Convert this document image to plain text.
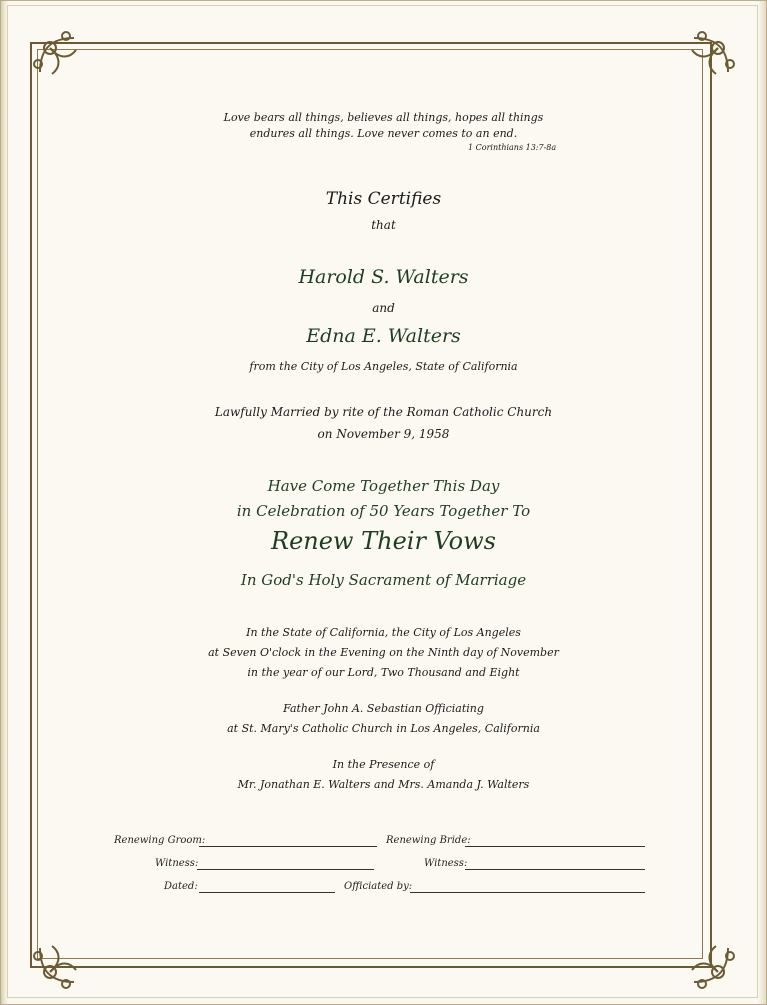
Love bears all things, believes all things, hopes all things
endures all things. Love never comes to an end.
1 Corinthians 13:7-8a
This Certifies
that
Harold S. Walters
and
Edna E. Walters
from the City of Los Angeles, State of California
Lawfully Married by rite of the Roman Catholic Church
on November 9, 1958
Have Come Together This Day
in Celebration of 50 Years Together To
Renew Their Vows
In God's Holy Sacrament of Marriage
In the State of California, the City of Los Angeles
at Seven O'clock in the Evening on the Ninth day of November
in the year of our Lord, Two Thousand and Eight
Father John A. Sebastian Officiating
at St. Mary's Catholic Church in Los Angeles, California
In the Presence of
Mr. Jonathan E. Walters and Mrs. Amanda J. Walters
Renewing Groom:	Renewing Bride:
Witness:	Witness:
Dated:	Officiated by:
